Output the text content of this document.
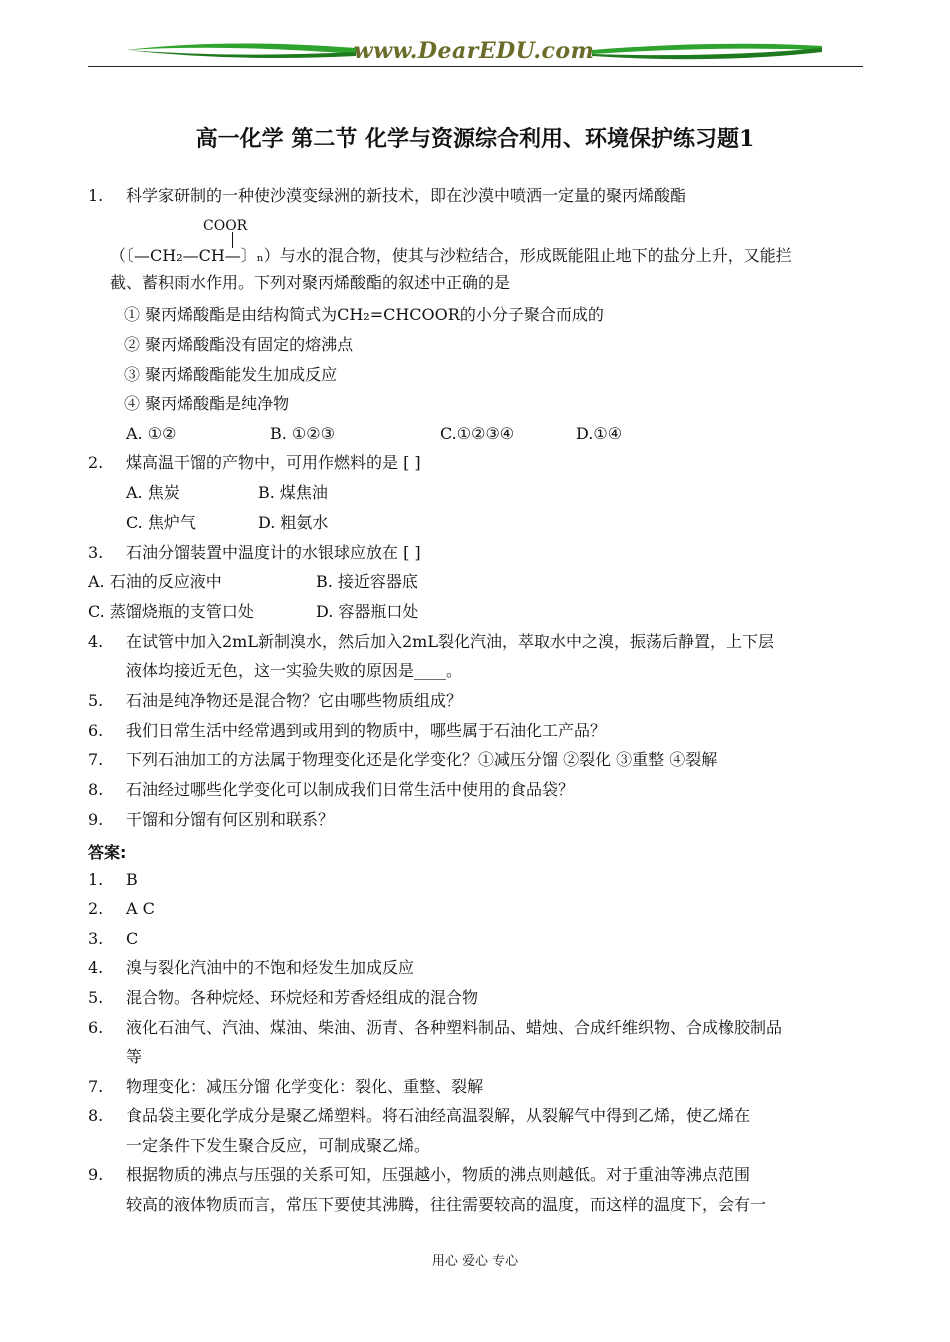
www.DearEDU.com
高一化学 第二节 化学与资源综合利用、环境保护练习题1
1. 科学家研制的一种使沙漠变绿洲的新技术，即在沙漠中喷洒一定量的聚丙烯酸酯
COOR
（〔—CH₂—CH—〕ₙ）与水的混合物，使其与沙粒结合，形成既能阻止地下的盐分上升，又能拦
截、蓄积雨水作用。下列对聚丙烯酸酯的叙述中正确的是
① 聚丙烯酸酯是由结构简式为CH₂=CHCOOR的小分子聚合而成的
② 聚丙烯酸酯没有固定的熔沸点
③ 聚丙烯酸酯能发生加成反应
④ 聚丙烯酸酯是纯净物
A. ①②	B. ①②③	C.①②③④	D.①④
2. 煤高温干馏的产物中，可用作燃料的是 [ ]
A. 焦炭	B. 煤焦油
C. 焦炉气	D. 粗氨水
3. 石油分馏装置中温度计的水银球应放在 [ ]
A. 石油的反应液中	B. 接近容器底
C. 蒸馏烧瓶的支管口处	D. 容器瓶口处
4. 在试管中加入2mL新制溴水，然后加入2mL裂化汽油，萃取水中之溴，振荡后静置，上下层
液体均接近无色，这一实验失败的原因是____。
5. 石油是纯净物还是混合物？它由哪些物质组成？
6. 我们日常生活中经常遇到或用到的物质中，哪些属于石油化工产品？
7. 下列石油加工的方法属于物理变化还是化学变化？①减压分馏 ②裂化 ③重整 ④裂解
8. 石油经过哪些化学变化可以制成我们日常生活中使用的食品袋？
9. 干馏和分馏有何区别和联系？
答案:
1. B
2. A C
3. C
4. 溴与裂化汽油中的不饱和烃发生加成反应
5. 混合物。各种烷烃、环烷烃和芳香烃组成的混合物
6. 液化石油气、汽油、煤油、柴油、沥青、各种塑料制品、蜡烛、合成纤维织物、合成橡胶制品
等
7. 物理变化：减压分馏 化学变化：裂化、重整、裂解
8. 食品袋主要化学成分是聚乙烯塑料。将石油经高温裂解，从裂解气中得到乙烯，使乙烯在
一定条件下发生聚合反应，可制成聚乙烯。
9. 根据物质的沸点与压强的关系可知，压强越小，物质的沸点则越低。对于重油等沸点范围
较高的液体物质而言，常压下要使其沸腾，往往需要较高的温度，而这样的温度下，会有一
用心 爱心 专心
